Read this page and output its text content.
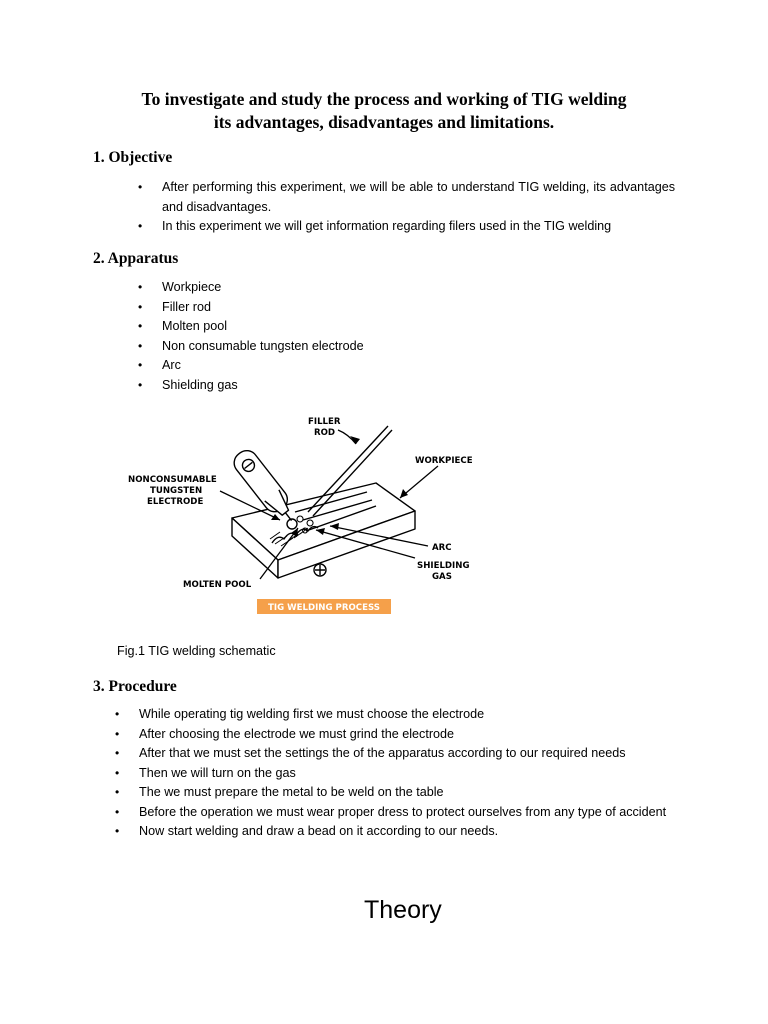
To investigate and study the process and working of TIG welding
its advantages, disadvantages and limitations.
1. Objective
• After performing this experiment, we will be able to understand TIG welding, its advantages and disadvantages.
• In this experiment we will get information regarding filers used in the TIG welding
2. Apparatus
• Workpiece
• Filler rod
• Molten pool
• Non consumable tungsten electrode
• Arc
• Shielding gas
FILLER
ROD
WORKPIECE
NONCONSUMABLE
TUNGSTEN
ELECTRODE
ARC
SHIELDING
GAS
MOLTEN POOL
TIG WELDING PROCESS
Fig.1 TIG welding schematic
3. Procedure
• While operating tig welding first we must choose the electrode
• After choosing the electrode we must grind the electrode
• After that we must set the settings the of the apparatus according to our required needs
• Then we will turn on the gas
• The we must prepare the metal to be weld on the table
• Before the operation we must wear proper dress to protect ourselves from any type of accident
• Now start welding and draw a bead on it according to our needs.
Theory
